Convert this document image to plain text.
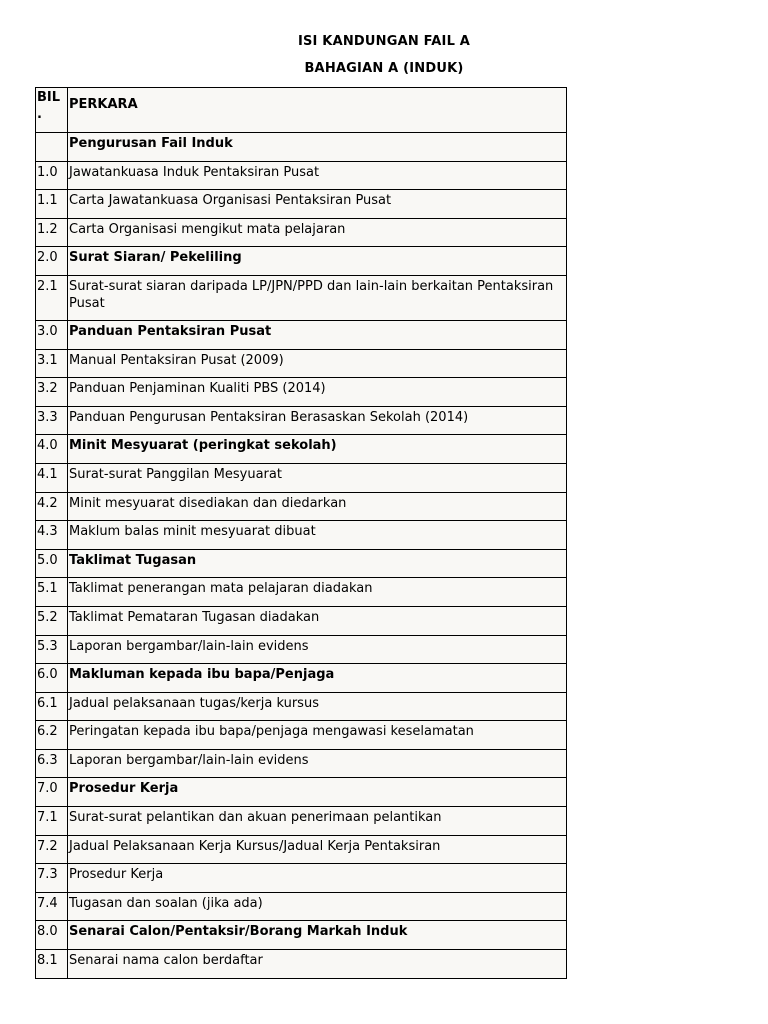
ISI KANDUNGAN FAIL A
BAHAGIAN A (INDUK)
BIL
.	PERKARA
	Pengurusan Fail Induk
1.0	Jawatankuasa Induk Pentaksiran Pusat
1.1	Carta Jawatankuasa Organisasi Pentaksiran Pusat
1.2	Carta Organisasi mengikut mata pelajaran
2.0	Surat Siaran/ Pekeliling
2.1	Surat-surat siaran daripada LP/JPN/PPD dan lain-lain berkaitan Pentaksiran Pusat
3.0	Panduan Pentaksiran Pusat
3.1	Manual Pentaksiran Pusat (2009)
3.2	Panduan Penjaminan Kualiti PBS (2014)
3.3	Panduan Pengurusan Pentaksiran Berasaskan Sekolah (2014)
4.0	Minit Mesyuarat (peringkat sekolah)
4.1	Surat-surat Panggilan Mesyuarat
4.2	Minit mesyuarat disediakan dan diedarkan
4.3	Maklum balas minit mesyuarat dibuat
5.0	Taklimat Tugasan
5.1	Taklimat penerangan mata pelajaran diadakan
5.2	Taklimat Pemataran Tugasan diadakan
5.3	Laporan bergambar/lain-lain evidens
6.0	Makluman kepada ibu bapa/Penjaga
6.1	Jadual pelaksanaan tugas/kerja kursus
6.2	Peringatan kepada ibu bapa/penjaga mengawasi keselamatan
6.3	Laporan bergambar/lain-lain evidens
7.0	Prosedur Kerja
7.1	Surat-surat pelantikan dan akuan penerimaan pelantikan
7.2	Jadual Pelaksanaan Kerja Kursus/Jadual Kerja Pentaksiran
7.3	Prosedur Kerja
7.4	Tugasan dan soalan (jika ada)
8.0	Senarai Calon/Pentaksir/Borang Markah Induk
8.1	Senarai nama calon berdaftar
